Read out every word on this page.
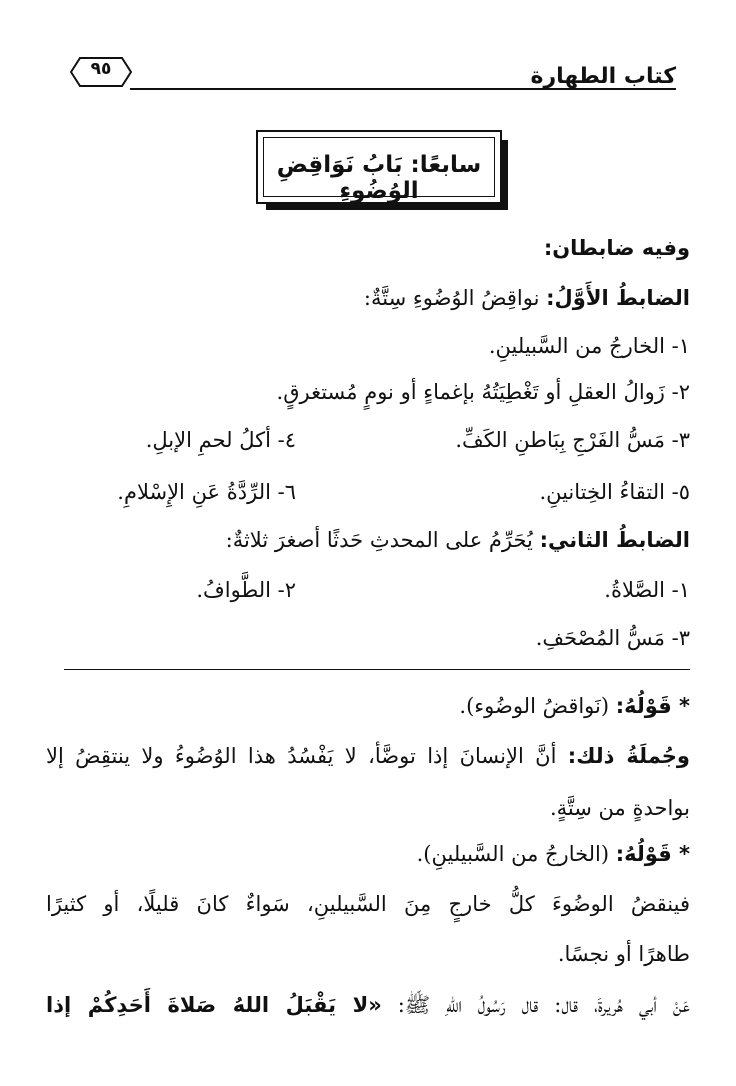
كتاب الطهارة
٩٥
سابعًا: بَابُ نَوَاقِضِ الوُضُوءِ
وفيه ضابطان:
الضابطُ الأَوَّلُ: نواقِضُ الوُضُوءِ سِتَّةٌ:
١- الخارجُ من السَّبيلينِ.
٢- زَوالُ العقلِ أو تَغْطِيَتُهُ بإغماءٍ أو نومٍ مُستغرقٍ.
٣- مَسُّ الفَرْجِ بِبَاطنِ الكَفِّ.
٤- أكلُ لحمِ الإبلِ.
٥- التقاءُ الخِتانينِ.
٦- الرِّدَّةُ عَنِ الإِسْلامِ.
الضابطُ الثاني: يُحَرِّمُ على المحدثِ حَدثًا أصغرَ ثلاثةٌ:
١- الصَّلاةُ.
٢- الطَّوافُ.
٣- مَسُّ المُصْحَفِ.
* قَوْلُهُ: (نَواقضُ الوضُوء).
وجُملَةُ ذلك: أنَّ الإنسانَ إذا توضَّأ، لا يَفْسُدُ هذا الوُضُوءُ ولا ينتقِضُ إلا
بواحدةٍ من سِتَّةٍ.
* قَوْلُهُ: (الخارجُ من السَّبيلينِ).
فينقضُ الوضُوءَ كلُّ خارجٍ مِنَ السَّبيلينِ، سَواءٌ كانَ قليلًا، أو كثيرًا
طاهرًا أو نجسًا.
عَنْ أبي هُريرةَ، قال: قال رَسُولُ اللهِ ﷺ: «لا يَقْبَلُ اللهُ صَلاةَ أَحَدِكُمْ إذا
